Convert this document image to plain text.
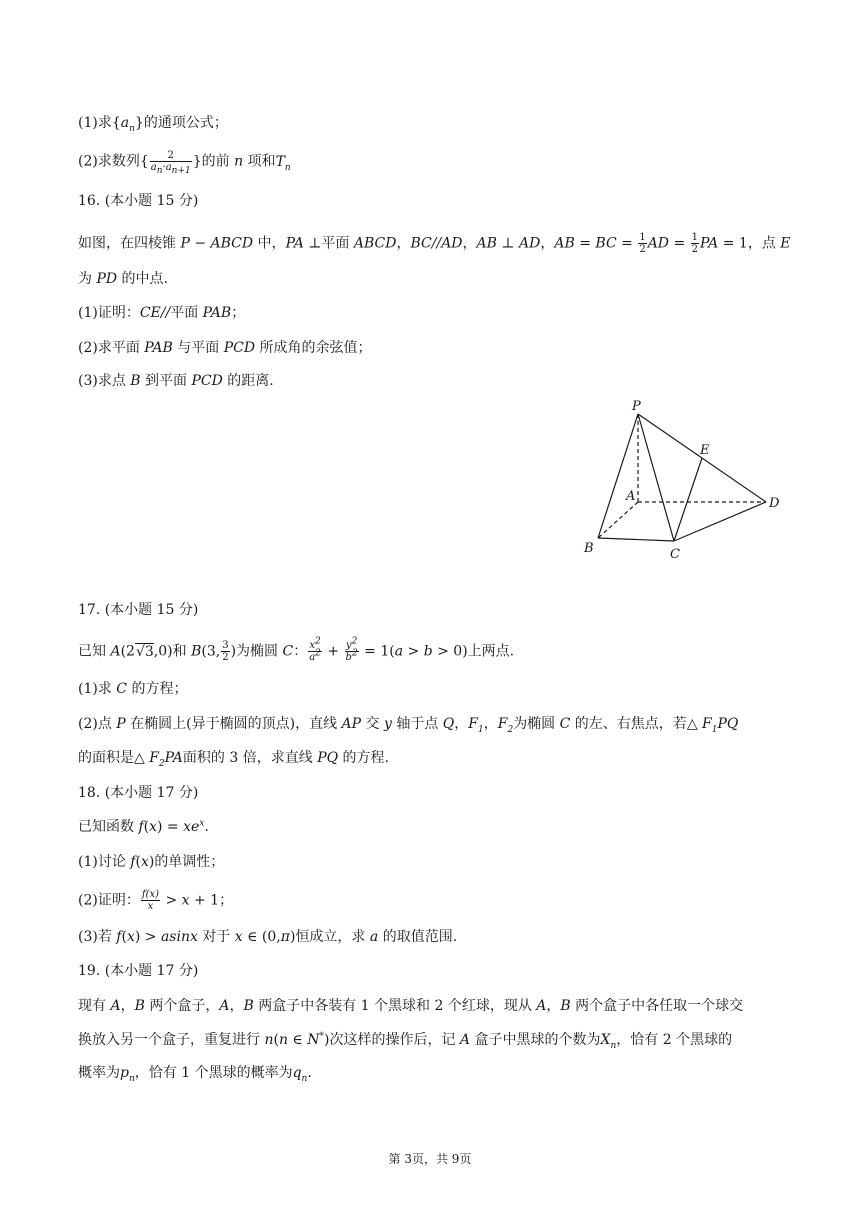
(1)求$\{a_n\}$的通项公式；
(2)求数列{ $\frac{2}{a_n\cdot a_{n+1}}$ }的前 n 项和$T_n$
16. (本小题 15 分)
如图，在四棱锥 P − ABCD 中，PA ⊥平面 ABCD，BC//AD，AB ⊥ AD，AB = BC = $\frac{1}{2}$ AD = $\frac{1}{2}$ PA = 1，点 E
为 PD 的中点.
(1)证明：CE//平面 PAB；
(2)求平面 PAB 与平面 PCD 所成角的余弦值；
(3)求点 B 到平面 PCD 的距离.
P
E
A	D
B	C
17. (本小题 15 分)
已知 A(2√3,0)和 B(3, $\frac{3}{2}$ )为椭圆 C： $\frac{x^2}{a^2} + \frac{y^2}{b^2} = 1(a > b > 0)$上两点.
(1)求 C 的方程；
(2)点 P 在椭圆上(异于椭圆的顶点)，直线 AP 交 y 轴于点 Q，$F_1$，$F_2$为椭圆 C 的左、右焦点，若△ $F_1PQ$
的面积是△ $F_2PA$面积的 3 倍，求直线 PQ 的方程.
18. (本小题 17 分)
已知函数 $f(x) = xe^x$.
(1)讨论 f(x)的单调性；
(2)证明： $\frac{f(x)}{x} > x + 1$；
(3)若 f(x) > asinx 对于 x ∈ (0,π)恒成立，求 a 的取值范围.
19. (本小题 17 分)
现有 A，B 两个盒子，A，B 两盒子中各装有 1 个黑球和 2 个红球，现从 A，B 两个盒子中各任取一个球交
换放入另一个盒子，重复进行 n(n ∈ N*)次这样的操作后，记 A 盒子中黑球的个数为$X_n$，恰有 2 个黑球的
概率为$p_n$，恰有 1 个黑球的概率为$q_n$.
第 3页，共 9页
